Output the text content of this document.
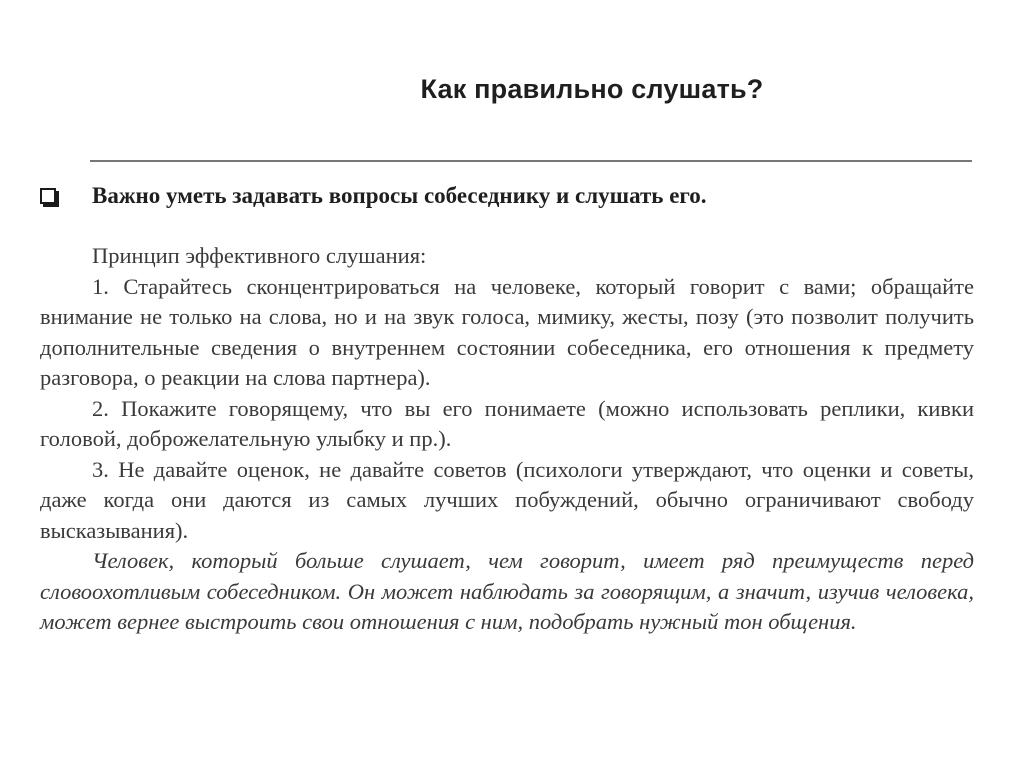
Как правильно слушать?
Важно уметь задавать вопросы собеседнику и слушать его.

Принцип эффективного слушания:

1. Старайтесь сконцентрироваться на человеке, который говорит с вами; обращайте внимание не только на слова, но и на звук голоса, мимику, жесты, позу (это позволит получить дополнительные сведения о внутреннем состоянии собеседника, его отношения к предмету разговора, о реакции на слова партнера).

2. Покажите говорящему, что вы его понимаете (можно использовать реплики, кивки головой, доброжелательную улыбку и пр.).

3. Не давайте оценок, не давайте советов (психологи утверждают, что оценки и советы, даже когда они даются из самых лучших побуждений, обычно ограничивают свободу высказывания).

Человек, который больше слушает, чем говорит, имеет ряд преимуществ перед словоохотливым собеседником. Он может наблюдать за говорящим, а значит, изучив человека, может вернее выстроить свои отношения с ним, подобрать нужный тон общения.
